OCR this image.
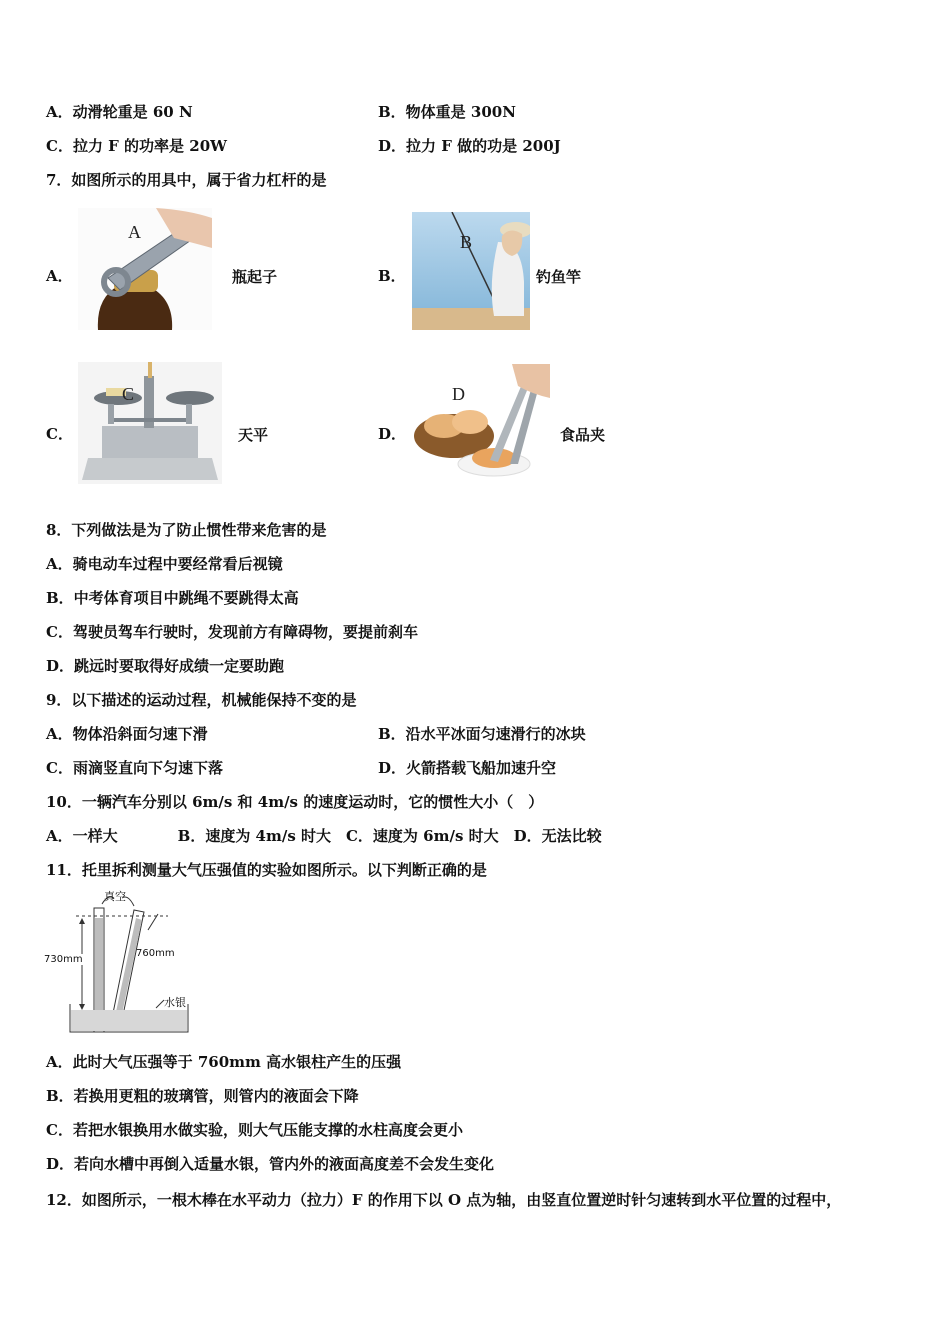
A．动滑轮重是 60 N	B．物体重是 300N
C．拉力 F 的功率是 20W	D．拉力 F 做的功是 200J
7．如图所示的用具中，属于省力杠杆的是
A．
A
瓶起子	B．
B
钓鱼竿
C．
C
天平	D．
D
食品夹
8．下列做法是为了防止惯性带来危害的是
A．骑电动车过程中要经常看后视镜
B．中考体育项目中跳绳不要跳得太高
C．驾驶员驾车行驶时，发现前方有障碍物，要提前刹车
D．跳远时要取得好成绩一定要助跑
9．以下描述的运动过程，机械能保持不变的是
A．物体沿斜面匀速下滑	B．沿水平冰面匀速滑行的冰块
C．雨滴竖直向下匀速下落	D．火箭搭载飞船加速升空
10．一辆汽车分别以 6m/s 和 4m/s 的速度运动时，它的惯性大小（　）
A．一样大　　　　B．速度为 4m/s 时大　C．速度为 6m/s 时大　D．无法比较
11．托里拆利测量大气压强值的实验如图所示。以下判断正确的是
真空
730mm
760mm
水银
A．此时大气压强等于 760mm 高水银柱产生的压强
B．若换用更粗的玻璃管，则管内的液面会下降
C．若把水银换用水做实验，则大气压能支撑的水柱高度会更小
D．若向水槽中再倒入适量水银，管内外的液面高度差不会发生变化
12．如图所示，一根木棒在水平动力（拉力）F 的作用下以 O 点为轴，由竖直位置逆时针匀速转到水平位置的过程中，
